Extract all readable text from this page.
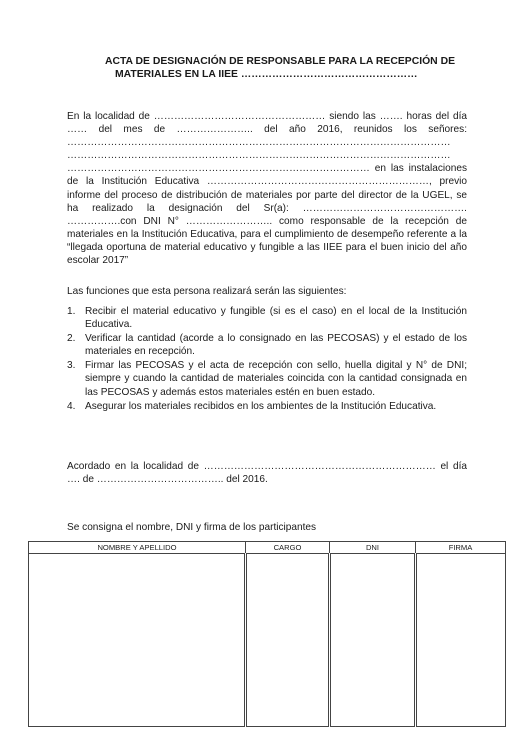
ACTA DE DESIGNACIÓN DE RESPONSABLE PARA LA RECEPCIÓN DE
MATERIALES EN LA IIEE ……………………………………………

En la localidad de …………………………………………… siendo las ……. horas del día …… del mes de ………………….. del año 2016, reunidos los señores: …………………………………………………………………………………………………… …………………………………………………………………………………………………… ……………………………………………………………………………… en las instalaciones de la Institución Educativa …………………………………………………………, previo informe del proceso de distribución de materiales por parte del director de la UGEL, se ha realizado la designación del Sr(a): …………………………………………. …………….con DNI N° …………………….. como responsable de la recepción de materiales en la Institución Educativa, para el cumplimiento de desempeño referente a la “llegada oportuna de material educativo y fungible a las IIEE para el buen inicio del año escolar 2017”

Las funciones que esta persona realizará serán las siguientes:

1. Recibir el material educativo y fungible (si es el caso) en el local de la Institución Educativa.
2. Verificar la cantidad (acorde a lo consignado en las PECOSAS) y el estado de los materiales en recepción.
3. Firmar las PECOSAS y el acta de recepción con sello, huella digital y N° de DNI; siempre y cuando la cantidad de materiales coincida con la cantidad consignada en las PECOSAS y además estos materiales estén en buen estado.
4. Asegurar los materiales recibidos en los ambientes de la Institución Educativa.

Acordado en la localidad de …………………………………………………………… el día …. de ……………………………….. del 2016.

Se consigna el nombre, DNI y firma de los participantes

NOMBRE Y APELLIDO	CARGO	DNI	FIRMA
